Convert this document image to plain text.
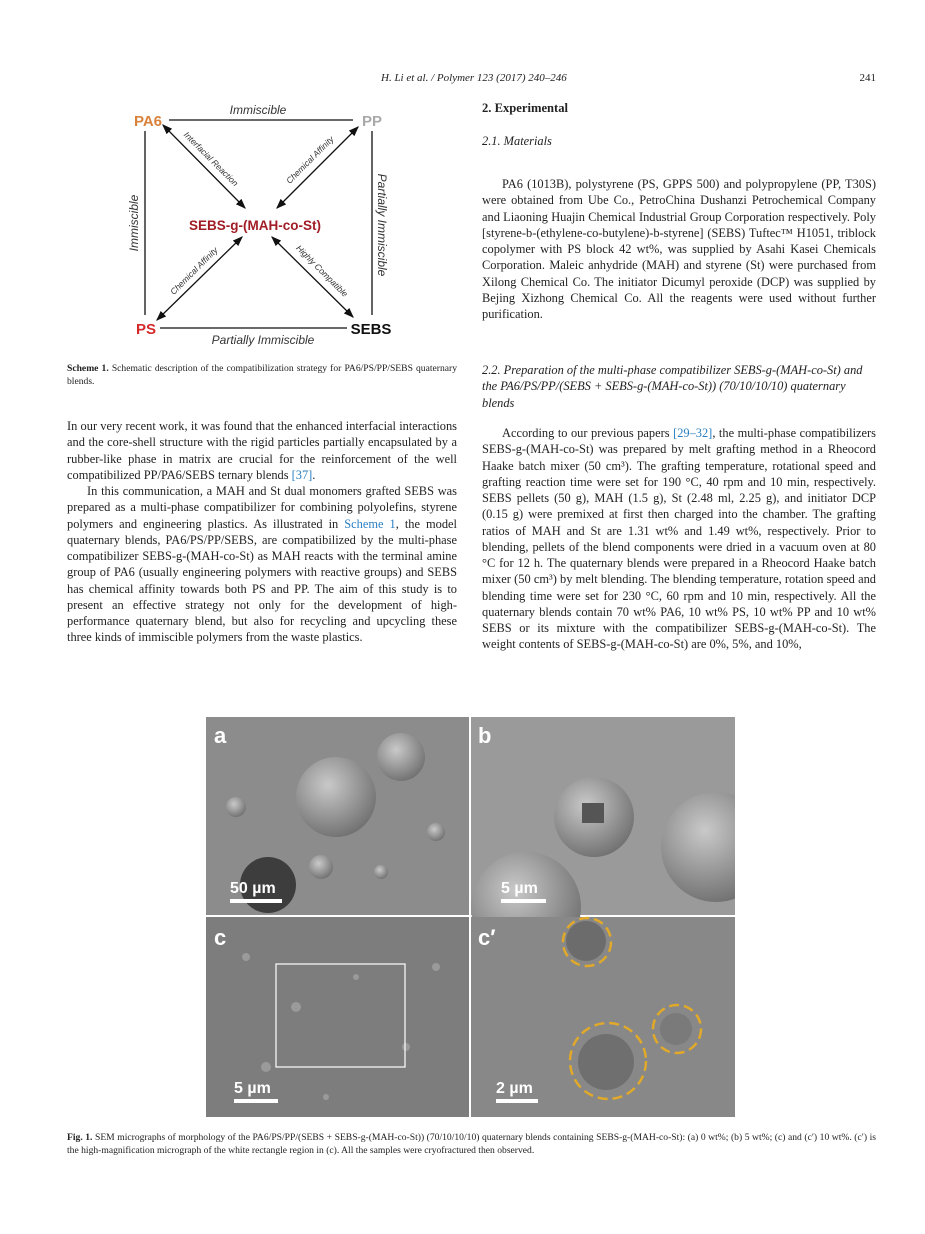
H. Li et al. / Polymer 123 (2017) 240–246	241
PA6	PP
PS	SEBS
SEBS-g-(MAH-co-St)
Immiscible
Partially Immiscible
Immiscible	Partially Immiscible
Interfacial Reaction	Chemical Affinity
Chemical Affinity	Highly Compatible
Scheme 1. Schematic description of the compatibilization strategy for PA6/PS/PP/SEBS quaternary blends.

In our very recent work, it was found that the enhanced interfacial interactions and the core-shell structure with the rigid particles partially encapsulated by a rubber-like phase in matrix are crucial for the reinforcement of the well compatibilized PP/PA6/SEBS ternary blends [37].

In this communication, a MAH and St dual monomers grafted SEBS was prepared as a multi-phase compatibilizer for combining polyolefins, styrene polymers and engineering plastics. As illustrated in Scheme 1, the model quaternary blends, PA6/PS/PP/SEBS, are compatibilized by the multi-phase compatibilizer SEBS-g-(MAH-co-St) as MAH reacts with the terminal amine group of PA6 (usually engineering polymers with reactive groups) and SEBS has chemical affinity towards both PS and PP. The aim of this study is to present an effective strategy not only for the development of high-performance quaternary blend, but also for recycling and upcycling these three kinds of immiscible polymers from the waste plastics.

2. Experimental
2.1. Materials

PA6 (1013B), polystyrene (PS, GPPS 500) and polypropylene (PP, T30S) were obtained from Ube Co., PetroChina Dushanzi Petrochemical Company and Liaoning Huajin Chemical Industrial Group Corporation respectively. Poly [styrene-b-(ethylene-co-butylene)-b-styrene] (SEBS) Tuftec™ H1051, triblock copolymer with PS block 42 wt%, was supplied by Asahi Kasei Chemicals Corporation. Maleic anhydride (MAH) and styrene (St) were purchased from Xilong Chemical Co. The initiator Dicumyl peroxide (DCP) was supplied by Bejing Xizhong Chemical Co. All the reagents were used without further purification.

2.2. Preparation of the multi-phase compatibilizer SEBS-g-(MAH-co-St) and the PA6/PS/PP/(SEBS + SEBS-g-(MAH-co-St)) (70/10/10/10) quaternary blends

According to our previous papers [29–32], the multi-phase compatibilizers SEBS-g-(MAH-co-St) was prepared by melt grafting method in a Rheocord Haake batch mixer (50 cm³). The grafting temperature, rotational speed and grafting reaction time were set for 190 °C, 40 rpm and 10 min, respectively. SEBS pellets (50 g), MAH (1.5 g), St (2.48 ml, 2.25 g), and initiator DCP (0.15 g) were premixed at first then charged into the chamber. The grafting ratios of MAH and St are 1.31 wt% and 1.49 wt%, respectively. Prior to blending, pellets of the blend components were dried in a vacuum oven at 80 °C for 12 h. The quaternary blends were prepared in a Rheocord Haake batch mixer (50 cm³) by melt blending. The blending temperature, rotation speed and blending time were set for 230 °C, 60 rpm and 10 min, respectively. All the quaternary blends contain 70 wt% PA6, 10 wt% PS, 10 wt% PP and 10 wt% SEBS or its mixture with the compatibilizer SEBS-g-(MAH-co-St). The weight contents of SEBS-g-(MAH-co-St) are 0%, 5%, and 10%,

a
50 µm
b
5 µm
c
5 µm
c′
2 µm
Fig. 1. SEM micrographs of morphology of the PA6/PS/PP/(SEBS + SEBS-g-(MAH-co-St)) (70/10/10/10) quaternary blends containing SEBS-g-(MAH-co-St): (a) 0 wt%; (b) 5 wt%; (c) and (c′) 10 wt%. (c′) is the high-magnification micrograph of the white rectangle region in (c). All the samples were cryofractured then observed.
